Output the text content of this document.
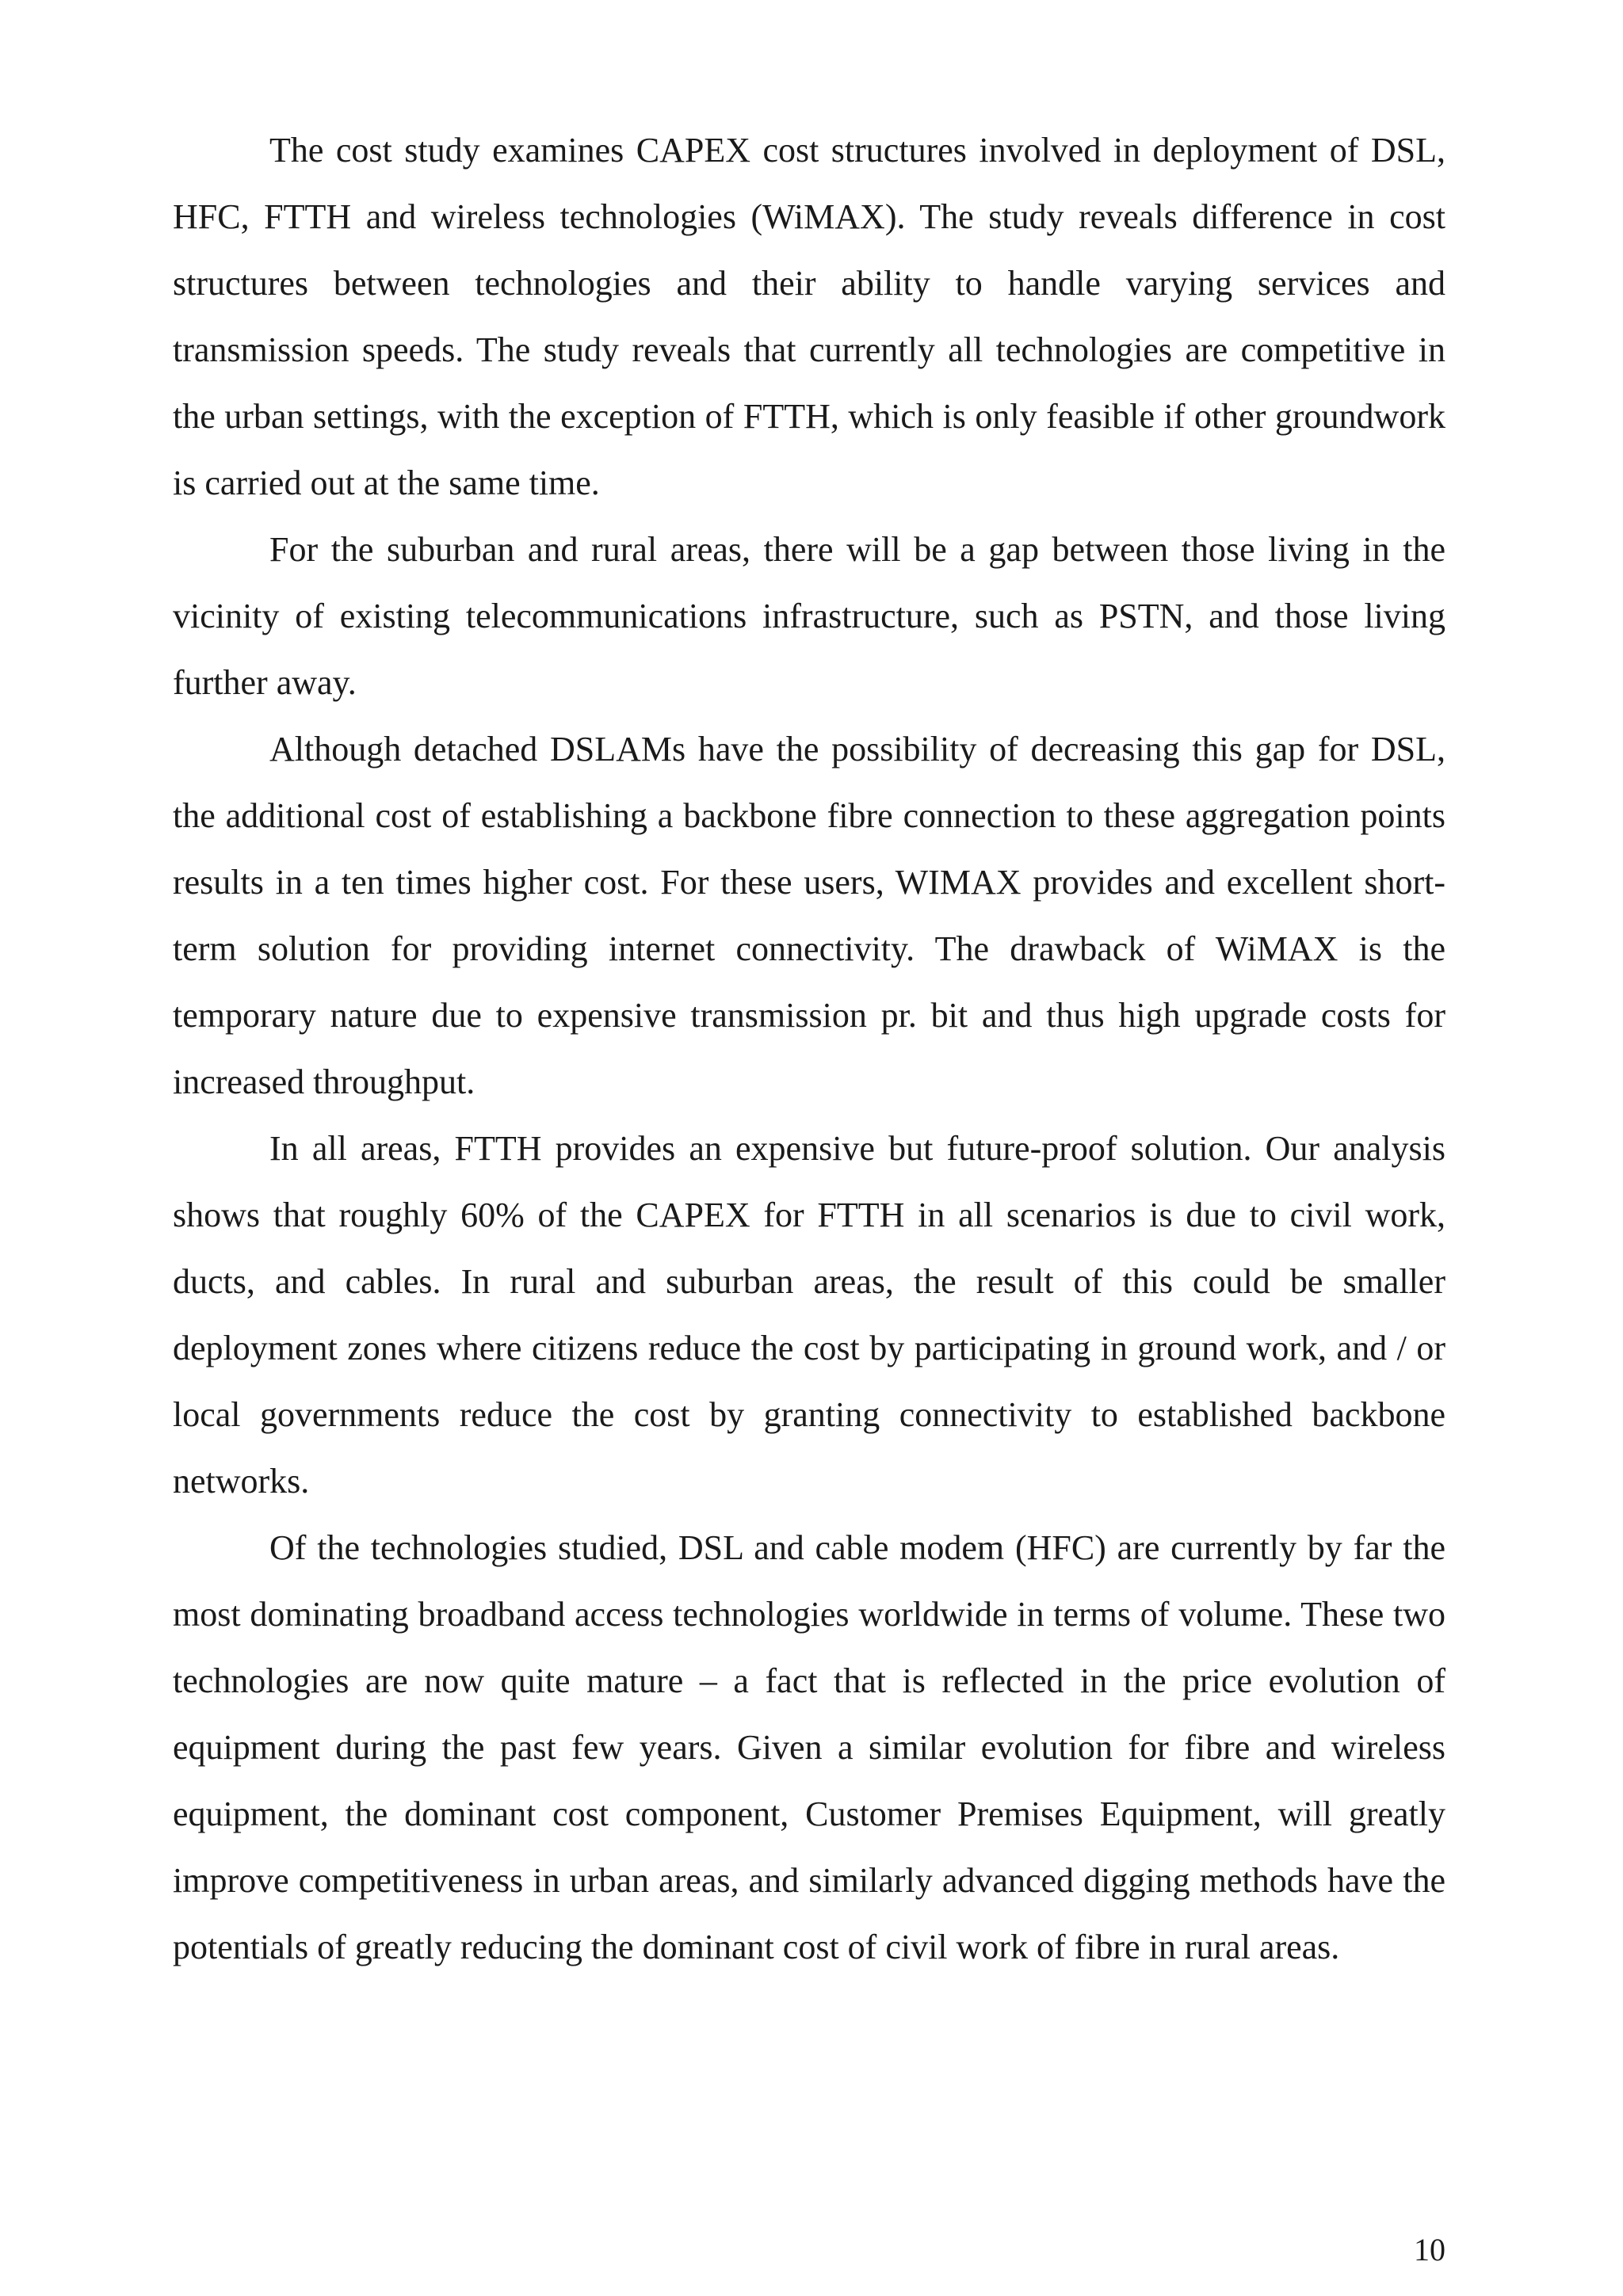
The cost study examines CAPEX cost structures involved in deployment of DSL, HFC, FTTH and wireless technologies (WiMAX). The study reveals difference in cost structures between technologies and their ability to handle varying services and transmission speeds. The study reveals that currently all technologies are competitive in the urban settings, with the exception of FTTH, which is only feasible if other groundwork is carried out at the same time.

For the suburban and rural areas, there will be a gap between those living in the vicinity of existing telecommunications infrastructure, such as PSTN, and those living further away.

Although detached DSLAMs have the possibility of decreasing this gap for DSL, the additional cost of establishing a backbone fibre connection to these aggregation points results in a ten times higher cost. For these users, WIMAX provides and excellent short-term solution for providing internet connectivity. The drawback of WiMAX is the temporary nature due to expensive transmission pr. bit and thus high upgrade costs for increased throughput.

In all areas, FTTH provides an expensive but future-proof solution. Our analysis shows that roughly 60% of the CAPEX for FTTH in all scenarios is due to civil work, ducts, and cables. In rural and suburban areas, the result of this could be smaller deployment zones where citizens reduce the cost by participating in ground work, and / or local governments reduce the cost by granting connectivity to established backbone networks.

Of the technologies studied, DSL and cable modem (HFC) are currently by far the most dominating broadband access technologies worldwide in terms of volume. These two technologies are now quite mature – a fact that is reflected in the price evolution of equipment during the past few years. Given a similar evolution for fibre and wireless equipment, the dominant cost component, Customer Premises Equipment, will greatly improve competitiveness in urban areas, and similarly advanced digging methods have the potentials of greatly reducing the dominant cost of civil work of fibre in rural areas.

10
